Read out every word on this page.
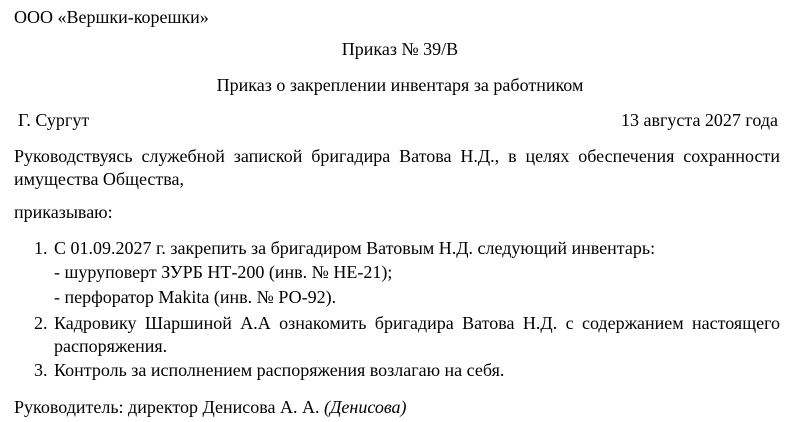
ООО «Вершки-корешки»
Приказ № 39/В
Приказ о закреплении инвентаря за работником
Г. Сургут	13 августа 2027 года
Руководствуясь служебной запиской бригадира Ватова Н.Д., в целях обеспечения сохранности имущества Общества,
приказываю:
1. С 01.09.2027 г. закрепить за бригадиром Ватовым Н.Д. следующий инвентарь:
- шуруповерт ЗУРБ НТ-200 (инв. № НЕ-21);
- перфоратор Makita (инв. № РО-92).
2. Кадровику Шаршиной А.А ознакомить бригадира Ватова Н.Д. с содержанием настоящего распоряжения.
3. Контроль за исполнением распоряжения возлагаю на себя.
Руководитель: директор Денисова А. А. (Денисова)
